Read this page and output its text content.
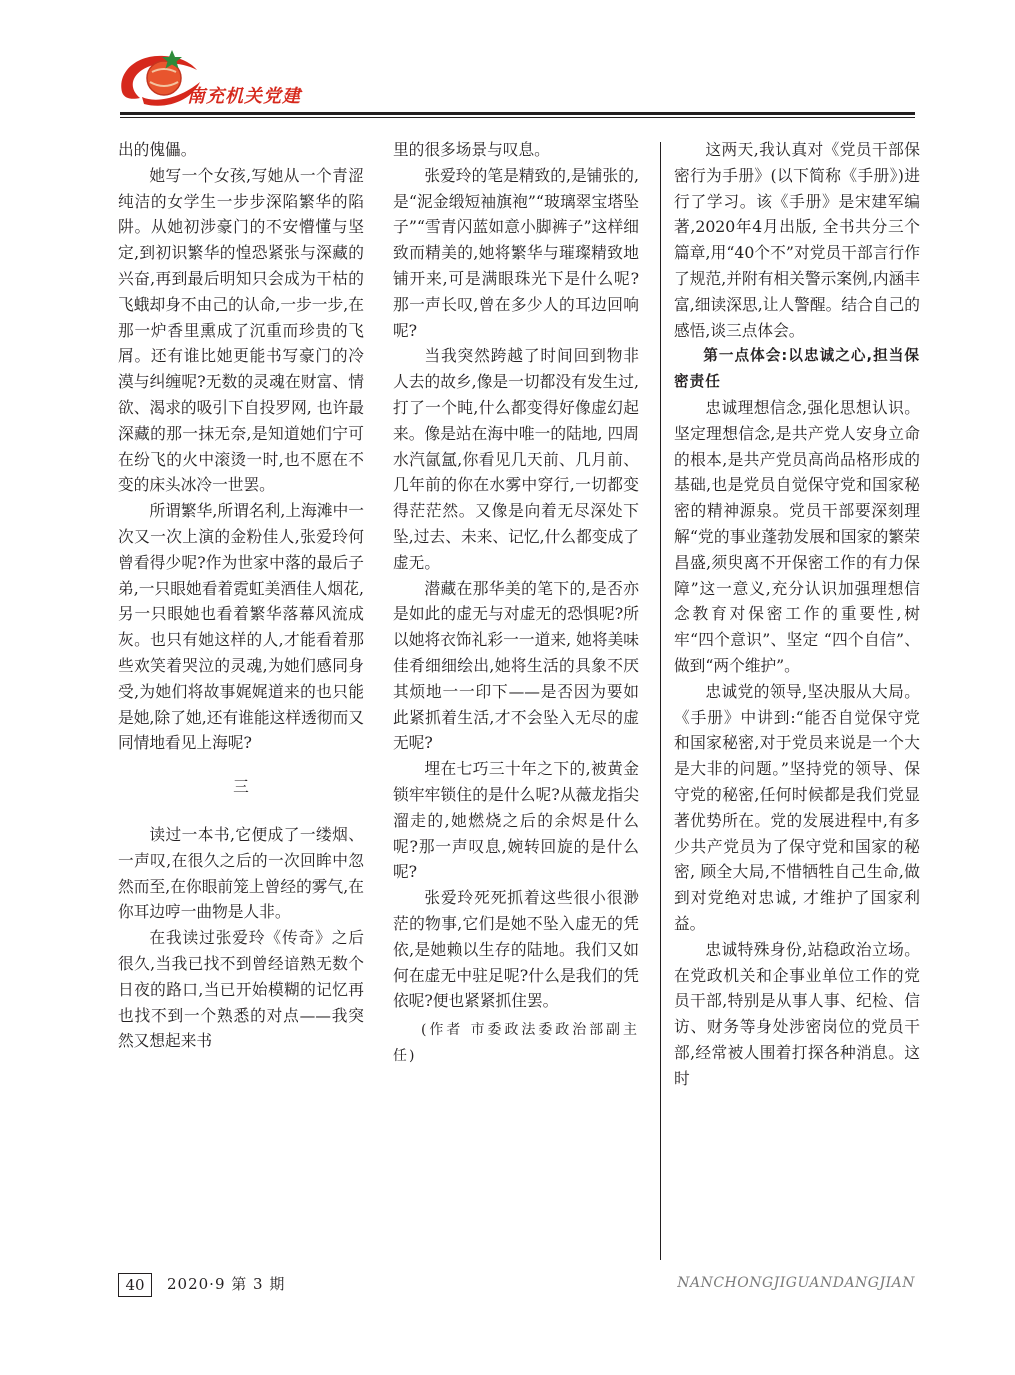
南充机关党建

出的傀儡。

她写一个女孩,写她从一个青涩纯洁的女学生一步步深陷繁华的陷阱。从她初涉豪门的不安懵懂与坚定,到初识繁华的惶恐紧张与深藏的兴奋,再到最后明知只会成为干枯的飞蛾却身不由己的认命,一步一步,在那一炉香里熏成了沉重而珍贵的飞屑。还有谁比她更能书写豪门的冷漠与纠缠呢?无数的灵魂在财富、情欲、渴求的吸引下自投罗网, 也许最深藏的那一抹无奈,是知道她们宁可在纷飞的火中滚烫一时,也不愿在不变的床头冰冷一世罢。

所谓繁华,所谓名利,上海滩中一次又一次上演的金粉佳人,张爱玲何曾看得少呢?作为世家中落的最后子弟,一只眼她看着霓虹美酒佳人烟花,另一只眼她也看着繁华落幕风流成灰。也只有她这样的人,才能看着那些欢笑着哭泣的灵魂,为她们感同身受,为她们将故事娓娓道来的也只能是她,除了她,还有谁能这样透彻而又同情地看见上海呢?

三

读过一本书,它便成了一缕烟、一声叹,在很久之后的一次回眸中忽然而至,在你眼前笼上曾经的雾气,在你耳边哼一曲物是人非。

在我读过张爱玲《传奇》之后很久,当我已找不到曾经谙熟无数个日夜的路口,当已开始模糊的记忆再也找不到一个熟悉的对点——我突然又想起来书

里的很多场景与叹息。

张爱玲的笔是精致的,是铺张的,是“泥金缎短袖旗袍”“玻璃翠宝塔坠子”“雪青闪蓝如意小脚裤子”这样细致而精美的,她将繁华与璀璨精致地铺开来,可是满眼珠光下是什么呢?那一声长叹,曾在多少人的耳边回响呢?

当我突然跨越了时间回到物非人去的故乡,像是一切都没有发生过,打了一个盹,什么都变得好像虚幻起来。像是站在海中唯一的陆地, 四周水汽氤氲,你看见几天前、几月前、几年前的你在水雾中穿行,一切都变得茫茫然。又像是向着无尽深处下坠,过去、未来、记忆,什么都变成了虚无。

潜藏在那华美的笔下的,是否亦是如此的虚无与对虚无的恐惧呢?所以她将衣饰礼彩一一道来, 她将美味佳肴细细绘出,她将生活的具象不厌其烦地一一印下——是否因为要如此紧抓着生活,才不会坠入无尽的虚无呢?

埋在七巧三十年之下的,被黄金锁牢牢锁住的是什么呢?从薇龙指尖溜走的,她燃烧之后的余烬是什么呢?那一声叹息,婉转回旋的是什么呢?

张爱玲死死抓着这些很小很渺茫的物事,它们是她不坠入虚无的凭依,是她赖以生存的陆地。我们又如何在虚无中驻足呢?什么是我们的凭依呢?便也紧紧抓住罢。

(作者 市委政法委政治部副主任)

这两天,我认真对《党员干部保密行为手册》(以下简称《手册》)进行了学习。该《手册》是宋建军编著,2020年4月出版, 全书共分三个篇章,用“40个不”对党员干部言行作了规范,并附有相关警示案例,内涵丰富,细读深思,让人警醒。结合自己的感悟,谈三点体会。

第一点体会:以忠诚之心,担当保密责任

忠诚理想信念,强化思想认识。坚定理想信念,是共产党人安身立命的根本,是共产党员高尚品格形成的基础,也是党员自觉保守党和国家秘密的精神源泉。党员干部要深刻理解“党的事业蓬勃发展和国家的繁荣昌盛,须臾离不开保密工作的有力保障”这一意义,充分认识加强理想信念教育对保密工作的重要性,树牢“四个意识”、坚定 “四个自信”、做到“两个维护”。

忠诚党的领导,坚决服从大局。《手册》中讲到:“能否自觉保守党和国家秘密,对于党员来说是一个大是大非的问题。”坚持党的领导、保守党的秘密,任何时候都是我们党显著优势所在。党的发展进程中,有多少共产党员为了保守党和国家的秘密, 顾全大局,不惜牺牲自己生命,做到对党绝对忠诚, 才维护了国家利益。

忠诚特殊身份,站稳政治立场。在党政机关和企事业单位工作的党员干部,特别是从事人事、纪检、信访、财务等身处涉密岗位的党员干部,经常被人围着打探各种消息。这时

40	2020·9 第 3 期	NANCHONGJIGUANDANGJIAN
